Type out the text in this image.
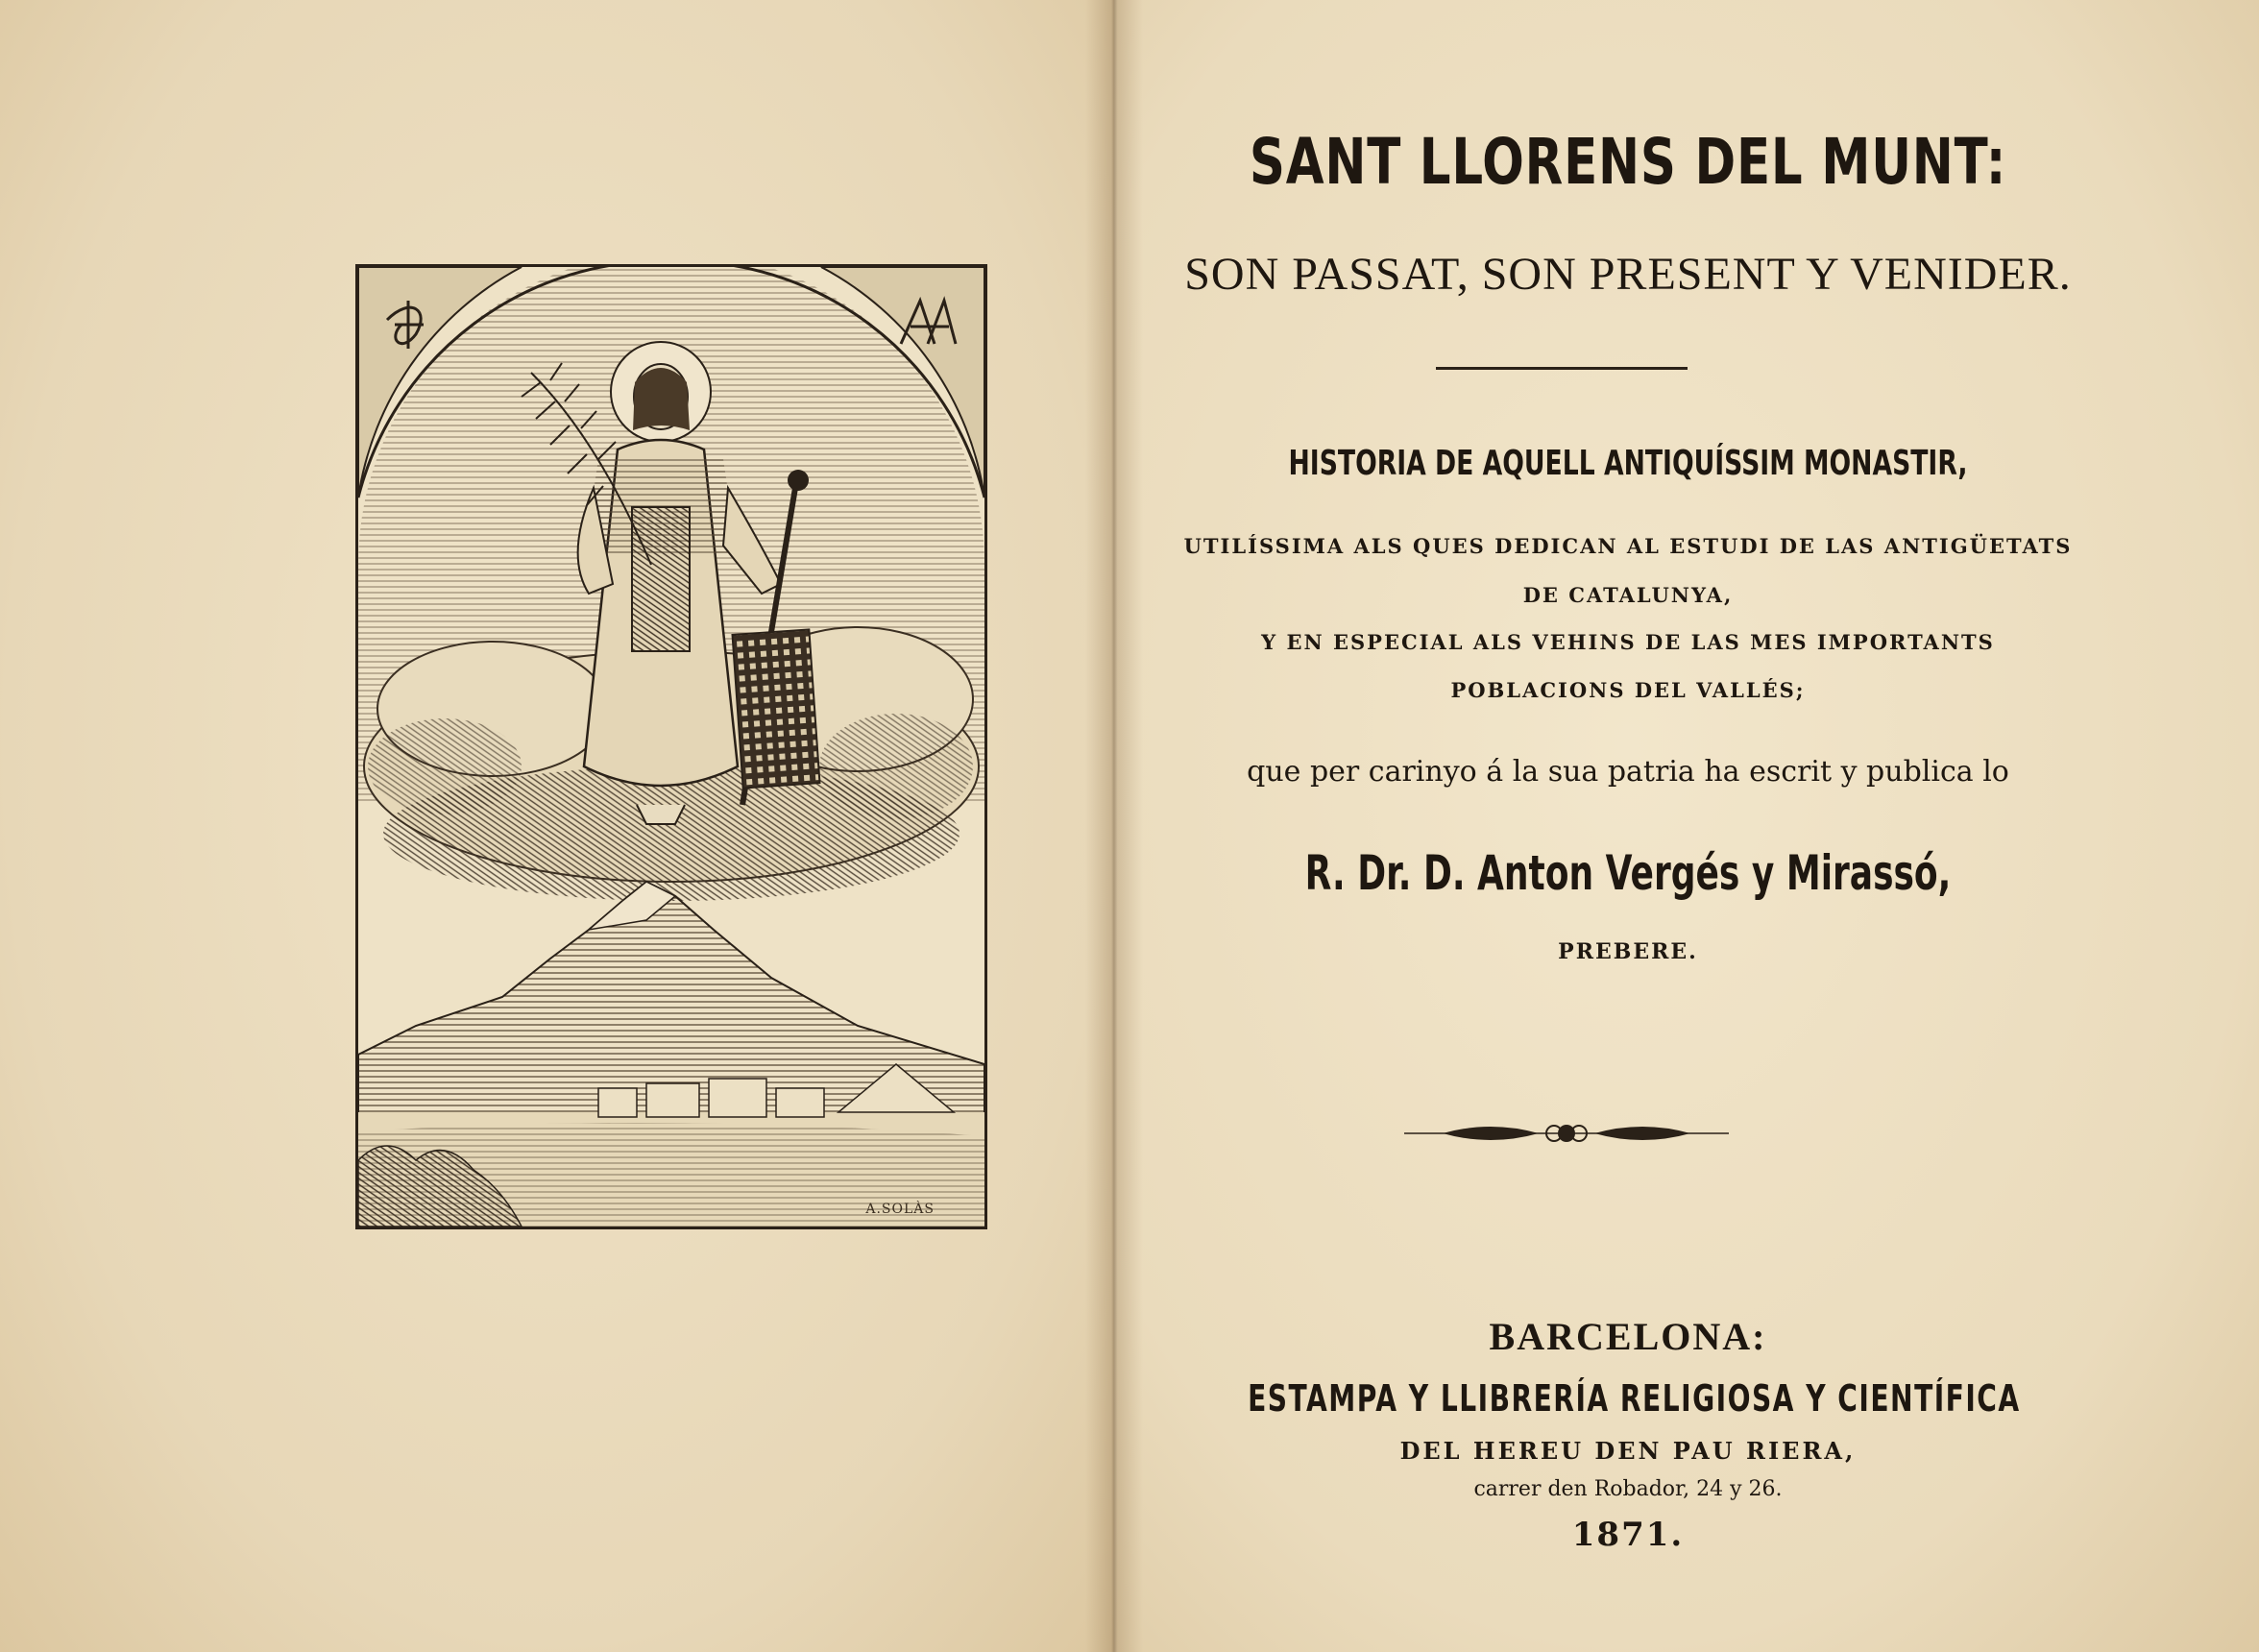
A.SOLÀS
SANT LLORENS DEL MUNT:
SON PASSAT, SON PRESENT Y VENIDER.
HISTORIA DE AQUELL ANTIQUÍSSIM MONASTIR,
UTILÍSSIMA ALS QUES DEDICAN AL ESTUDI DE LAS ANTIGÜETATS
DE CATALUNYA,
Y EN ESPECIAL ALS VEHINS DE LAS MES IMPORTANTS
POBLACIONS DEL VALLÉS;
que per carinyo á la sua patria ha escrit y publica lo
R. Dr. D. Anton Vergés y Mirassó,
PREBERE.
BARCELONA:
ESTAMPA Y LLIBRERÍA RELIGIOSA Y CIENTÍFICA
DEL HEREU DEN PAU RIERA,
carrer den Robador, 24 y 26.
1871.
